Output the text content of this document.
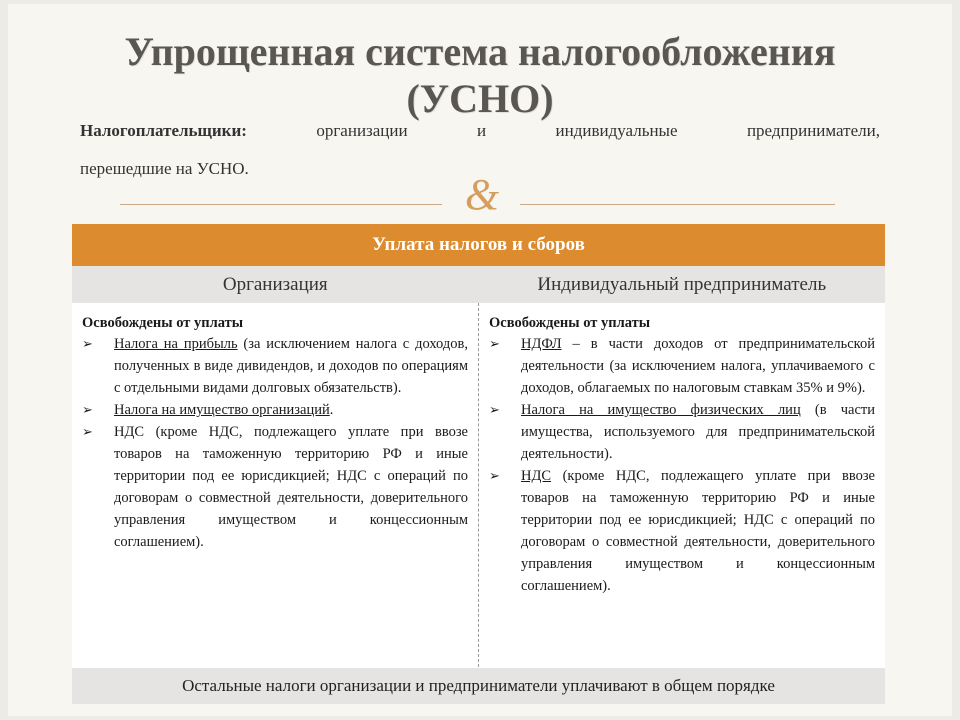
Упрощенная система налогообложения
(УСНО)
Налогоплательщики:	организации	и	индивидуальные	предприниматели,
перешедшие на УСНО.
&
Уплата налогов и сборов
Организация	Индивидуальный предприниматель
Освобождены от уплаты
➢	Налога на прибыль (за исключением налога с доходов, полученных в виде дивидендов, и доходов по операциям с отдельными видами долговых обязательств).
➢	Налога на имущество организаций.
➢	НДС (кроме НДС, подлежащего уплате при ввозе товаров на таможенную территорию РФ и иные территории под ее юрисдикцией; НДС с операций по договорам о совместной деятельности, доверительного управления имуществом и концессионным соглашением).
Освобождены от уплаты
➢	НДФЛ – в части доходов от предпринимательской деятельности (за исключением налога, уплачиваемого с доходов, облагаемых по налоговым ставкам 35% и 9%).
➢	Налога на имущество физических лиц (в части имущества, используемого для предпринимательской деятельности).
➢	НДС (кроме НДС, подлежащего уплате при ввозе товаров на таможенную территорию РФ и иные территории под ее юрисдикцией; НДС с операций по договорам о совместной деятельности, доверительного управления имуществом и концессионным соглашением).
Остальные налоги организации и предприниматели уплачивают в общем порядке
